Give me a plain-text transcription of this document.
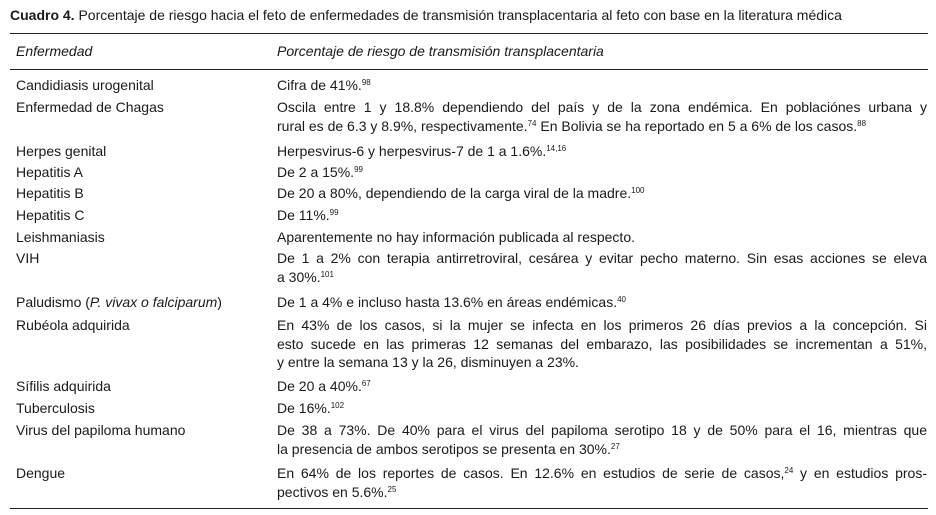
Cuadro 4. Porcentaje de riesgo hacia el feto de enfermedades de transmisión transplacentaria al feto con base en la literatura médica
Enfermedad	Porcentaje de riesgo de transmisión transplacentaria
Candidiasis urogenital	Cifra de 41%.$^{98}$
Enfermedad de Chagas	Oscila entre 1 y 18.8% dependiendo del país y de la zona endémica. En poblaciónes urbana y
rural es de 6.3 y 8.9%, respectivamente.$^{74}$ En Bolivia se ha reportado en 5 a 6% de los casos.$^{88}$
Herpes genital	Herpesvirus-6 y herpesvirus-7 de 1 a 1.6%.$^{14,16}$
Hepatitis A	De 2 a 15%.$^{99}$
Hepatitis B	De 20 a 80%, dependiendo de la carga viral de la madre.$^{100}$
Hepatitis C	De 11%.$^{99}$
Leishmaniasis	Aparentemente no hay información publicada al respecto.
VIH	De 1 a 2% con terapia antirretroviral, cesárea y evitar pecho materno. Sin esas acciones se eleva
a 30%.$^{101}$
Paludismo (P. vivax o falciparum)	De 1 a 4% e incluso hasta 13.6% en áreas endémicas.$^{40}$
Rubéola adquirida	En 43% de los casos, si la mujer se infecta en los primeros 26 días previos a la concepción. Si
esto sucede en las primeras 12 semanas del embarazo, las posibilidades se incrementan a 51%,
y entre la semana 13 y la 26, disminuyen a 23%.
Sífilis adquirida	De 20 a 40%.$^{67}$
Tuberculosis	De 16%.$^{102}$
Virus del papiloma humano	De 38 a 73%. De 40% para el virus del papiloma serotipo 18 y de 50% para el 16, mientras que
la presencia de ambos serotipos se presenta en 30%.$^{27}$
Dengue	En 64% de los reportes de casos. En 12.6% en estudios de serie de casos,$^{24}$ y en estudios pros-
pectivos en 5.6%.$^{25}$
